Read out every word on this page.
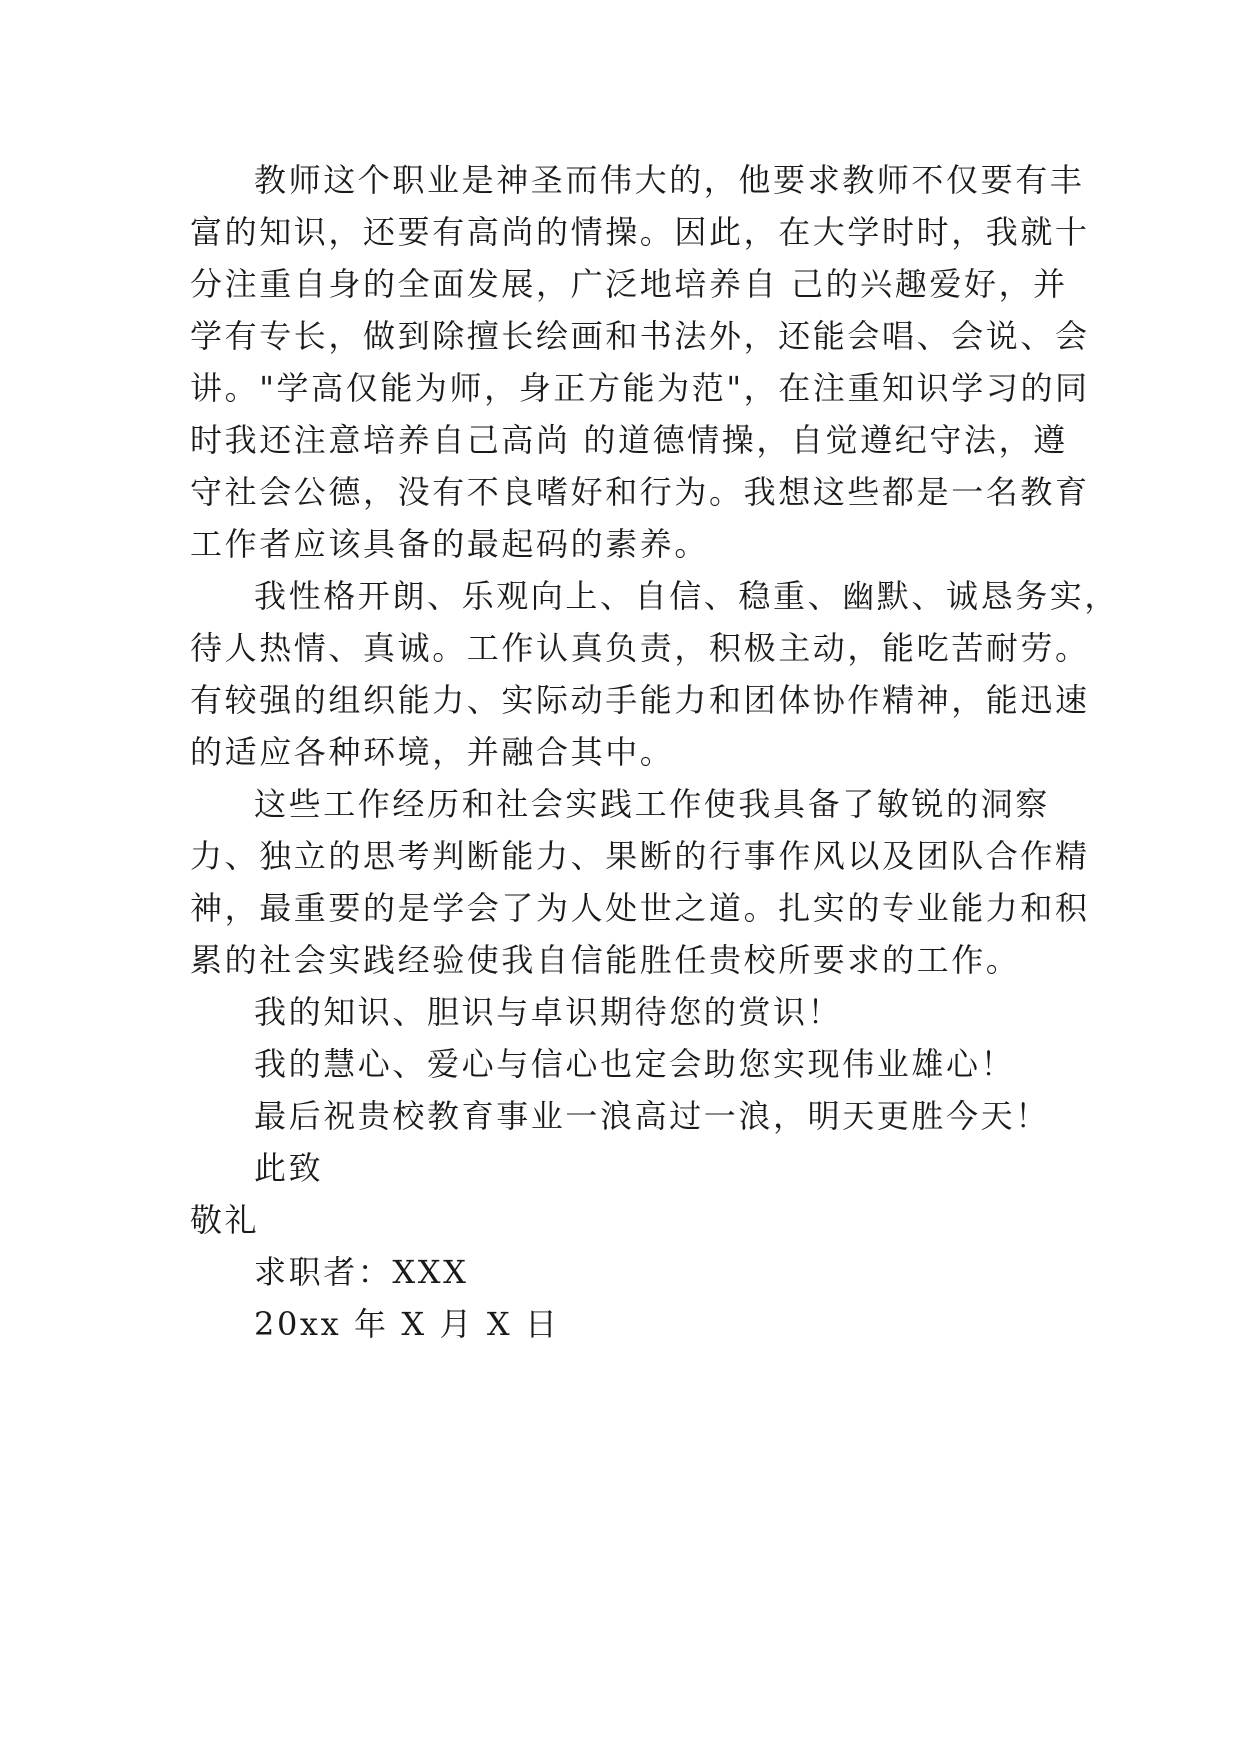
教师这个职业是神圣而伟大的，他要求教师不仅要有丰
富的知识，还要有高尚的情操。因此，在大学时时，我就十
分注重自身的全面发展，广泛地培养自 己的兴趣爱好，并
学有专长，做到除擅长绘画和书法外，还能会唱、会说、会
讲。"学高仅能为师，身正方能为范"，在注重知识学习的同
时我还注意培养自己高尚 的道德情操，自觉遵纪守法，遵
守社会公德，没有不良嗜好和行为。我想这些都是一名教育
工作者应该具备的最起码的素养。
我性格开朗、乐观向上、自信、稳重、幽默、诚恳务实，
待人热情、真诚。工作认真负责，积极主动，能吃苦耐劳。
有较强的组织能力、实际动手能力和团体协作精神，能迅速
的适应各种环境，并融合其中。
这些工作经历和社会实践工作使我具备了敏锐的洞察
力、独立的思考判断能力、果断的行事作风以及团队合作精
神，最重要的是学会了为人处世之道。扎实的专业能力和积
累的社会实践经验使我自信能胜任贵校所要求的工作。
我的知识、胆识与卓识期待您的赏识！
我的慧心、爱心与信心也定会助您实现伟业雄心！
最后祝贵校教育事业一浪高过一浪，明天更胜今天！
此致
敬礼
求职者：XXX
20xx 年 X 月 X 日
